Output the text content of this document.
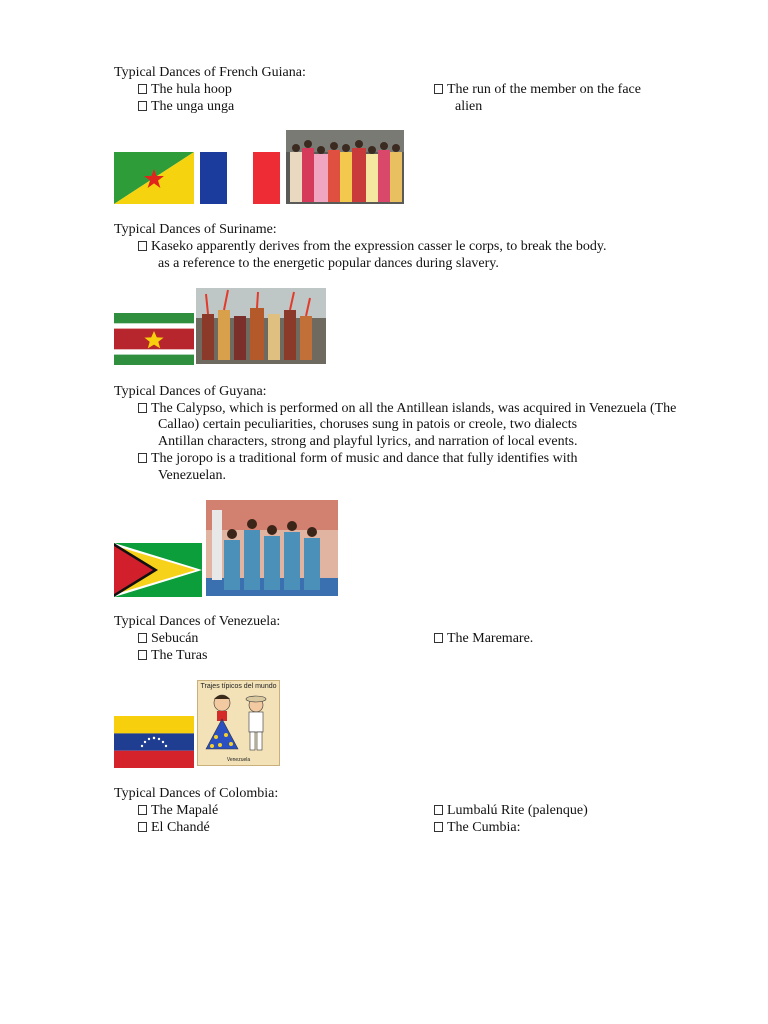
Typical Dances of French Guiana:
The hula hoop
The unga unga
The run of the member on the face
alien
Typical Dances of Suriname:
Kaseko apparently derives from the expression casser le corps, to break the body.
as a reference to the energetic popular dances during slavery.
Typical Dances of Guyana:
The Calypso, which is performed on all the Antillean islands, was acquired in Venezuela (The
Callao) certain peculiarities, choruses sung in patois or creole, two dialects
Antillan characters, strong and playful lyrics, and narration of local events.
The joropo is a traditional form of music and dance that fully identifies with
Venezuelan.
Typical Dances of Venezuela:
Sebucán
The Turas
The Maremare.
Trajes típicos del mundo
Venezuela
Typical Dances of Colombia:
The Mapalé
El Chandé
Lumbalú Rite (palenque)
The Cumbia:
